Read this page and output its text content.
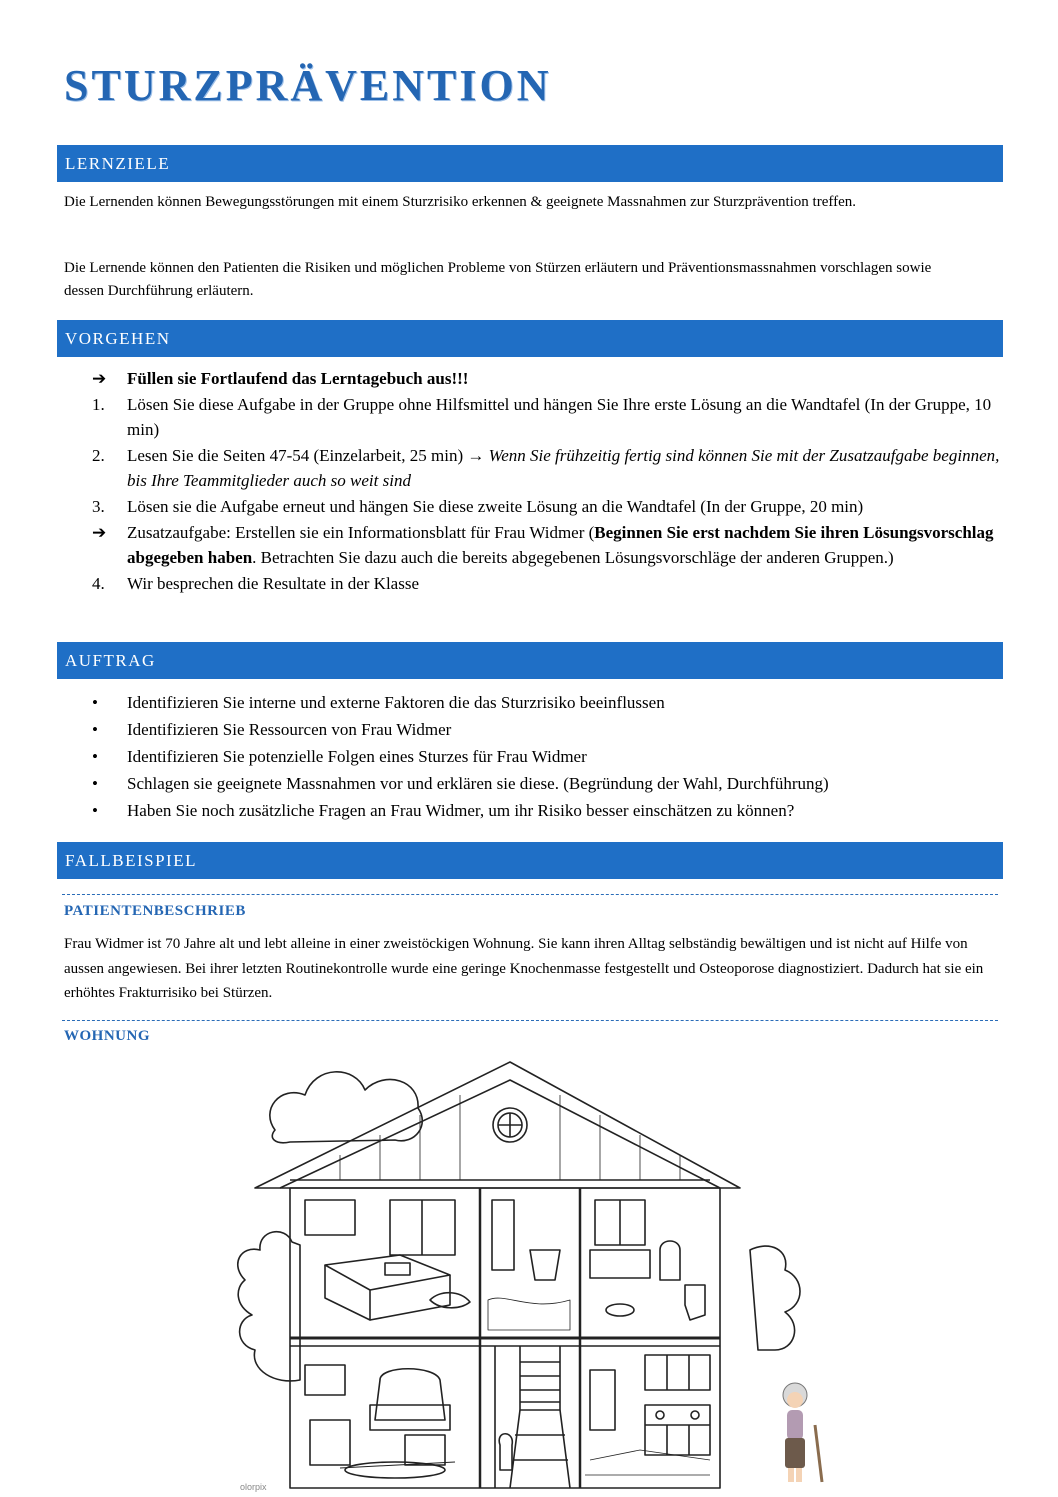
STURZPRÄVENTION
LERNZIELE

Die Lernenden können Bewegungsstörungen mit einem Sturzrisiko erkennen & geeignete Massnahmen zur Sturzprävention treffen.

Die Lernende können den Patienten die Risiken und möglichen Probleme von Stürzen erläutern und Präventionsmassnahmen vorschlagen sowie dessen Durchführung erläutern.

VORGEHEN
➔	Füllen sie Fortlaufend das Lerntagebuch aus!!!
1.	Lösen Sie diese Aufgabe in der Gruppe ohne Hilfsmittel und hängen Sie Ihre erste Lösung an die Wandtafel (In der Gruppe, 10 min)
2.	Lesen Sie die Seiten 47-54 (Einzelarbeit, 25 min) → Wenn Sie frühzeitig fertig sind können Sie mit der Zusatzaufgabe beginnen, bis Ihre Teammitglieder auch so weit sind
3.	Lösen sie die Aufgabe erneut und hängen Sie diese zweite Lösung an die Wandtafel (In der Gruppe, 20 min)
➔	Zusatzaufgabe: Erstellen sie ein Informationsblatt für Frau Widmer (Beginnen Sie erst nachdem Sie ihren Lösungsvorschlag abgegeben haben. Betrachten Sie dazu auch die bereits abgegebenen Lösungsvorschläge der anderen Gruppen.)
4.	Wir besprechen die Resultate in der Klasse
AUFTRAG
•	Identifizieren Sie interne und externe Faktoren die das Sturzrisiko beeinflussen
•	Identifizieren Sie Ressourcen von Frau Widmer
•	Identifizieren Sie potenzielle Folgen eines Sturzes für Frau Widmer
•	Schlagen sie geeignete Massnahmen vor und erklären sie diese. (Begründung der Wahl, Durchführung)
•	Haben Sie noch zusätzliche Fragen an Frau Widmer, um ihr Risiko besser einschätzen zu können?
FALLBEISPIEL
PATIENTENBESCHRIEB

Frau Widmer ist 70 Jahre alt und lebt alleine in einer zweistöckigen Wohnung. Sie kann ihren Alltag selbständig bewältigen und ist nicht auf Hilfe von aussen angewiesen. Bei ihrer letzten Routinekontrolle wurde eine geringe Knochenmasse festgestellt und Osteoporose diagnostiziert. Dadurch hat sie ein erhöhtes Frakturrisiko bei Stürzen.

WOHNUNG
olorpix
